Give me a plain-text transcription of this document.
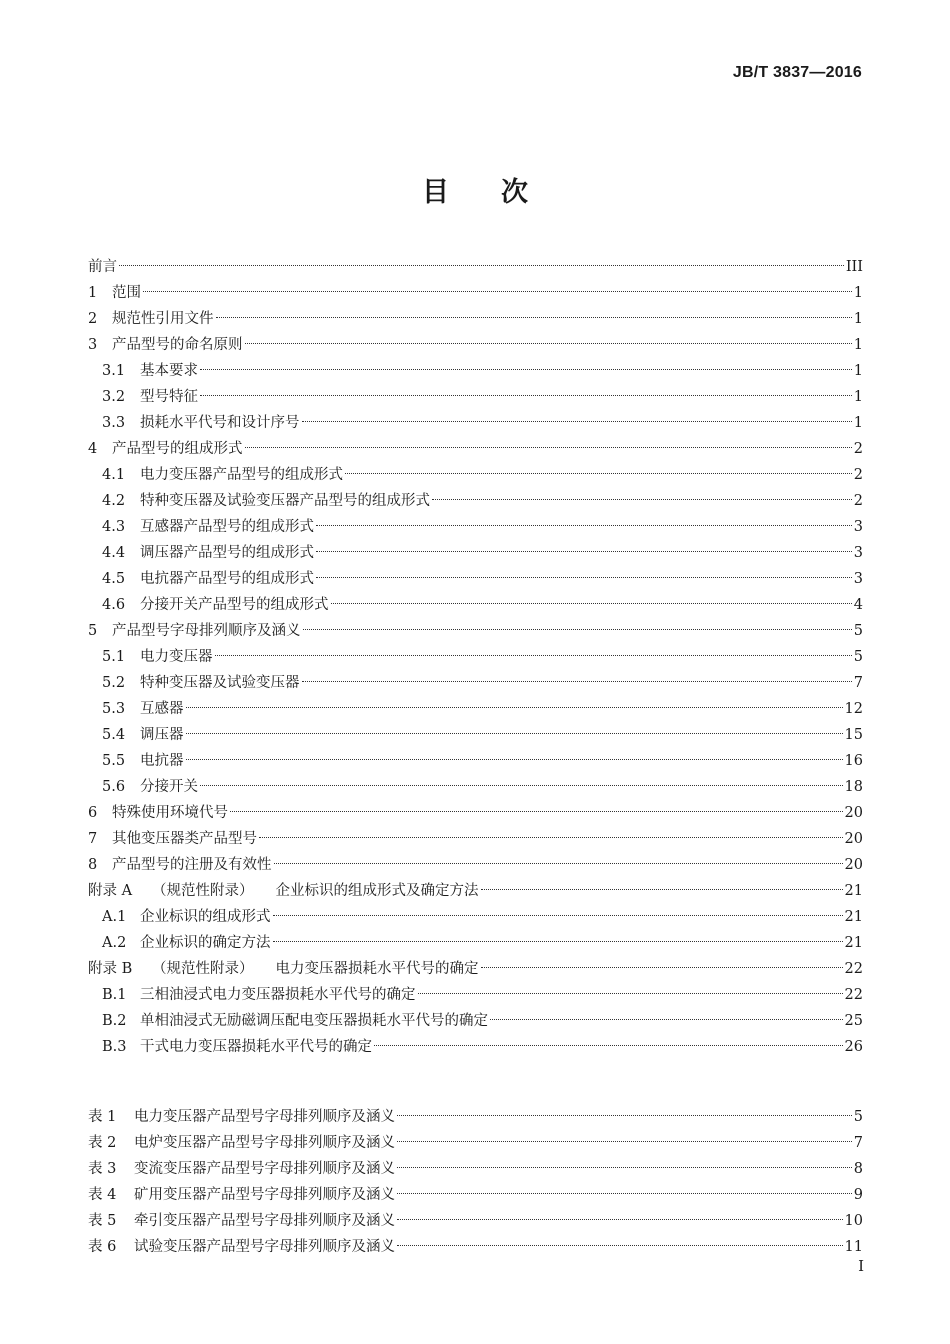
JB/T 3837—2016
目 次
前言	III
1 范围	1
2 规范性引用文件	1
3 产品型号的命名原则	1
3.1 基本要求	1
3.2 型号特征	1
3.3 损耗水平代号和设计序号	1
4 产品型号的组成形式	2
4.1 电力变压器产品型号的组成形式	2
4.2 特种变压器及试验变压器产品型号的组成形式	2
4.3 互感器产品型号的组成形式	3
4.4 调压器产品型号的组成形式	3
4.5 电抗器产品型号的组成形式	3
4.6 分接开关产品型号的组成形式	4
5 产品型号字母排列顺序及涵义	5
5.1 电力变压器	5
5.2 特种变压器及试验变压器	7
5.3 互感器	12
5.4 调压器	15
5.5 电抗器	16
5.6 分接开关	18
6 特殊使用环境代号	20
7 其他变压器类产品型号	20
8 产品型号的注册及有效性	20
附录 A （规范性附录） 企业标识的组成形式及确定方法	21
A.1 企业标识的组成形式	21
A.2 企业标识的确定方法	21
附录 B （规范性附录） 电力变压器损耗水平代号的确定	22
B.1 三相油浸式电力变压器损耗水平代号的确定	22
B.2 单相油浸式无励磁调压配电变压器损耗水平代号的确定	25
B.3 干式电力变压器损耗水平代号的确定	26
表 1 电力变压器产品型号字母排列顺序及涵义	5
表 2 电炉变压器产品型号字母排列顺序及涵义	7
表 3 变流变压器产品型号字母排列顺序及涵义	8
表 4 矿用变压器产品型号字母排列顺序及涵义	9
表 5 牵引变压器产品型号字母排列顺序及涵义	10
表 6 试验变压器产品型号字母排列顺序及涵义	11
I
